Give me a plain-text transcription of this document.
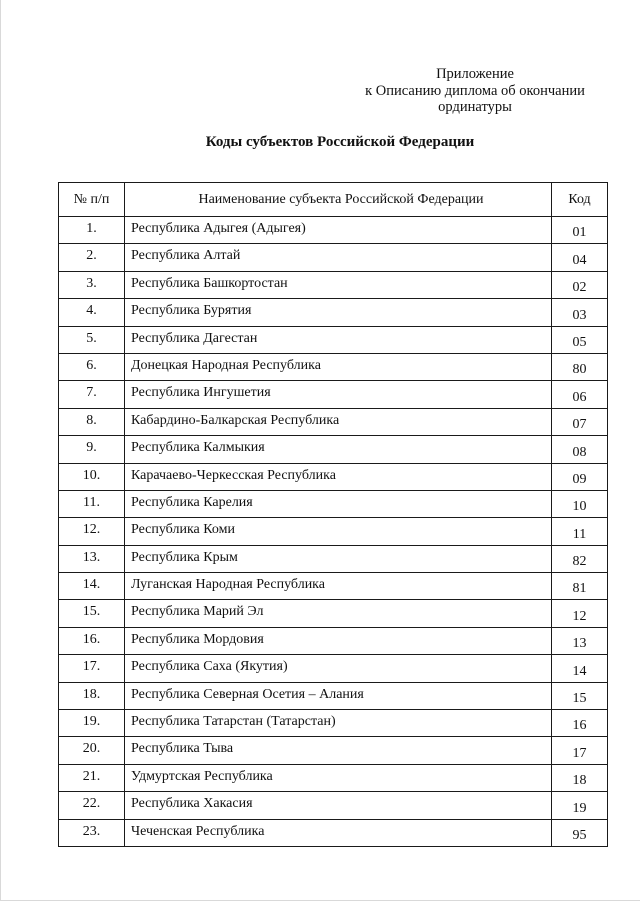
Приложение
к Описанию диплома об окончании
ординатуры
Коды субъектов Российской Федерации
№ п/п	Наименование субъекта Российской Федерации	Код
1.	Республика Адыгея (Адыгея)	01
2.	Республика Алтай	04
3.	Республика Башкортостан	02
4.	Республика Бурятия	03
5.	Республика Дагестан	05
6.	Донецкая Народная Республика	80
7.	Республика Ингушетия	06
8.	Кабардино-Балкарская Республика	07
9.	Республика Калмыкия	08
10.	Карачаево-Черкесская Республика	09
11.	Республика Карелия	10
12.	Республика Коми	11
13.	Республика Крым	82
14.	Луганская Народная Республика	81
15.	Республика Марий Эл	12
16.	Республика Мордовия	13
17.	Республика Саха (Якутия)	14
18.	Республика Северная Осетия – Алания	15
19.	Республика Татарстан (Татарстан)	16
20.	Республика Тыва	17
21.	Удмуртская Республика	18
22.	Республика Хакасия	19
23.	Чеченская Республика	95
